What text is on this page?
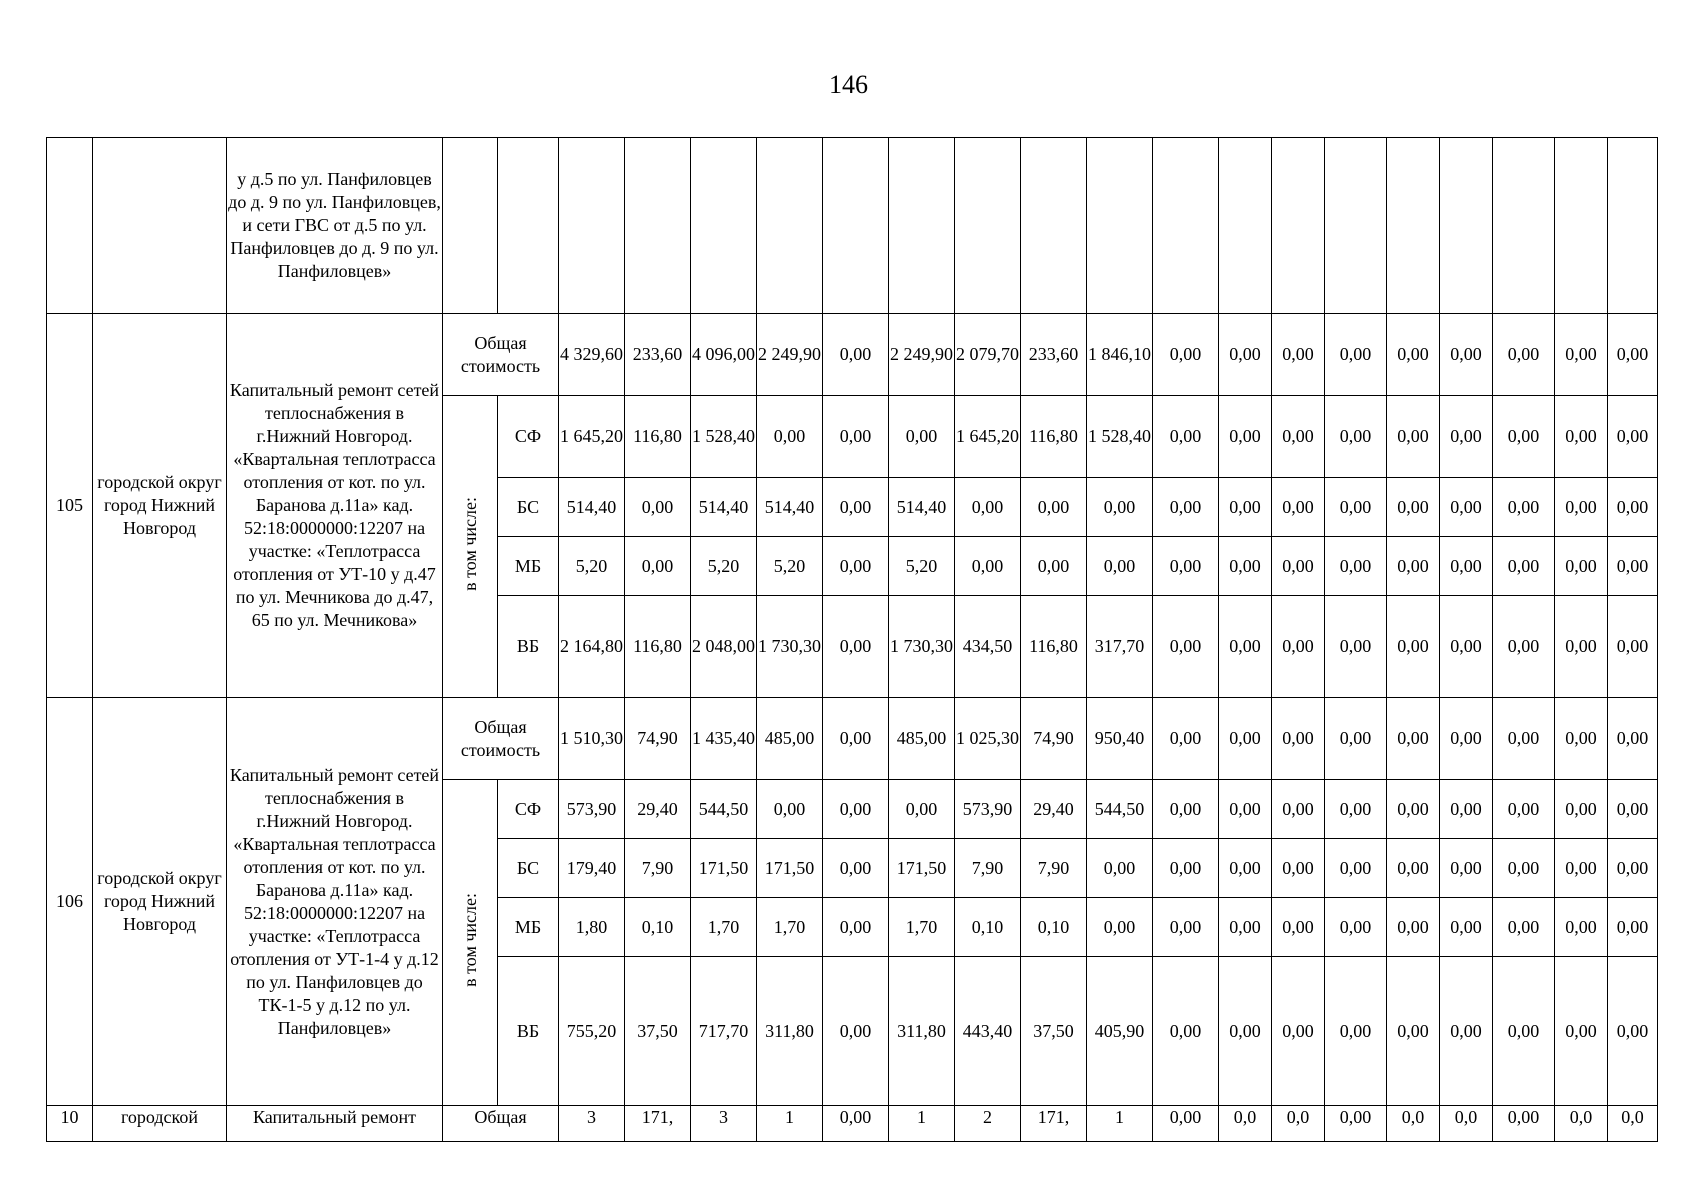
146
		у д.5 по ул. Панфиловцев до д. 9 по ул. Панфиловцев, и сети ГВС от д.5 по ул. Панфиловцев до д. 9 по ул. Панфиловцев»																				
105	городской округ город Нижний Новгород	Капитальный ремонт сетей теплоснабжения в г.Нижний Новгород. «Квартальная теплотрасса отопления от кот. по ул. Баранова д.11а» кад. 52:18:0000000:12207 на участке: «Теплотрасса отопления от УТ-10 у д.47 по ул. Мечникова до д.47, 65 по ул. Мечникова»	Общая стоимость		4 329,60	233,60	4 096,00	2 249,90	0,00	2 249,90	2 079,70	233,60	1 846,10	0,00	0,00	0,00	0,00	0,00	0,00	0,00	0,00	0,00
			в том числе:	СФ	1 645,20	116,80	1 528,40	0,00	0,00	0,00	1 645,20	116,80	1 528,40	0,00	0,00	0,00	0,00	0,00	0,00	0,00	0,00	0,00
				БС	514,40	0,00	514,40	514,40	0,00	514,40	0,00	0,00	0,00	0,00	0,00	0,00	0,00	0,00	0,00	0,00	0,00	0,00
				МБ	5,20	0,00	5,20	5,20	0,00	5,20	0,00	0,00	0,00	0,00	0,00	0,00	0,00	0,00	0,00	0,00	0,00	0,00
				ВБ	2 164,80	116,80	2 048,00	1 730,30	0,00	1 730,30	434,50	116,80	317,70	0,00	0,00	0,00	0,00	0,00	0,00	0,00	0,00	0,00
106	городской округ город Нижний Новгород	Капитальный ремонт сетей теплоснабжения в г.Нижний Новгород. «Квартальная теплотрасса отопления от кот. по ул. Баранова д.11а» кад. 52:18:0000000:12207 на участке: «Теплотрасса отопления от УТ-1-4 у д.12 по ул. Панфиловцев до ТК-1-5 у д.12 по ул. Панфиловцев»	Общая стоимость		1 510,30	74,90	1 435,40	485,00	0,00	485,00	1 025,30	74,90	950,40	0,00	0,00	0,00	0,00	0,00	0,00	0,00	0,00	0,00
			в том числе:	СФ	573,90	29,40	544,50	0,00	0,00	0,00	573,90	29,40	544,50	0,00	0,00	0,00	0,00	0,00	0,00	0,00	0,00	0,00
				БС	179,40	7,90	171,50	171,50	0,00	171,50	7,90	7,90	0,00	0,00	0,00	0,00	0,00	0,00	0,00	0,00	0,00	0,00
				МБ	1,80	0,10	1,70	1,70	0,00	1,70	0,10	0,10	0,00	0,00	0,00	0,00	0,00	0,00	0,00	0,00	0,00	0,00
				ВБ	755,20	37,50	717,70	311,80	0,00	311,80	443,40	37,50	405,90	0,00	0,00	0,00	0,00	0,00	0,00	0,00	0,00	0,00
10	городской	Капитальный ремонт	Общая		3	171,	3	1	0,00	1	2	171,	1	0,00	0,0	0,0	0,00	0,0	0,0	0,00	0,0	0,0
